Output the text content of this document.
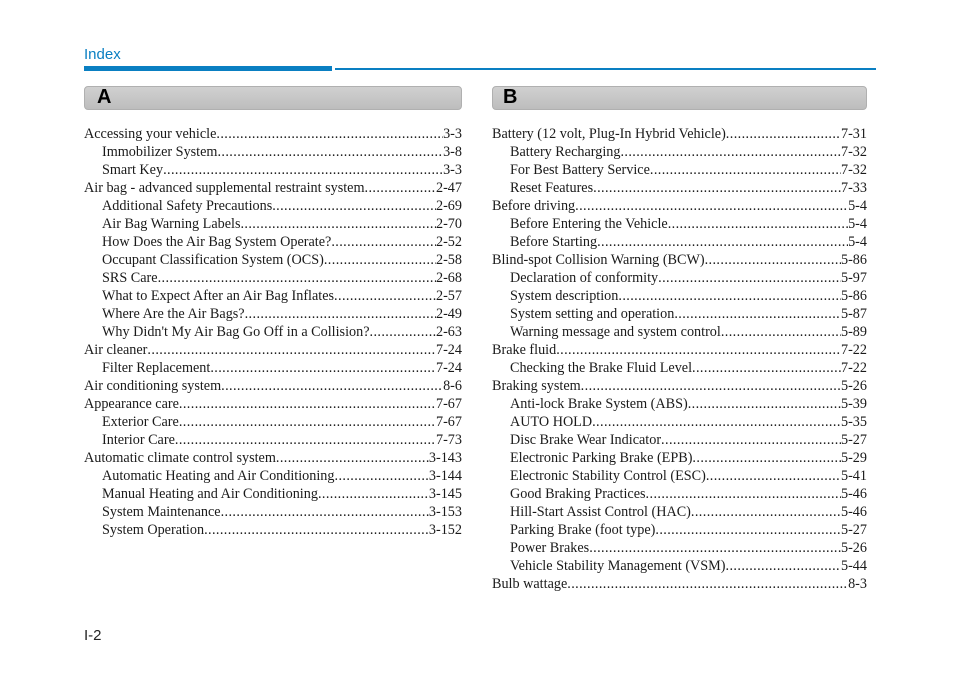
Index
A
Accessing your vehicle .....	3-3
Immobilizer System .....	3-8
Smart Key .....	3-3
Air bag - advanced supplemental restraint system .....	2-47
Additional Safety Precautions .....	2-69
Air Bag Warning Labels .....	2-70
How Does the Air Bag System Operate? .....	2-52
Occupant Classification System (OCS) .....	2-58
SRS Care .....	2-68
What to Expect After an Air Bag Inflates .....	2-57
Where Are the Air Bags? .....	2-49
Why Didn't My Air Bag Go Off in a Collision? .....	2-63
Air cleaner .....	7-24
Filter Replacement .....	7-24
Air conditioning system .....	8-6
Appearance care .....	7-67
Exterior Care .....	7-67
Interior Care .....	7-73
Automatic climate control system .....	3-143
Automatic Heating and Air Conditioning .....	3-144
Manual Heating and Air Conditioning .....	3-145
System Maintenance .....	3-153
System Operation .....	3-152
B
Battery (12 volt, Plug-In Hybrid Vehicle) .....	7-31
Battery Recharging .....	7-32
For Best Battery Service .....	7-32
Reset Features .....	7-33
Before driving .....	5-4
Before Entering the Vehicle .....	5-4
Before Starting .....	5-4
Blind-spot Collision Warning (BCW) .....	5-86
Declaration of conformity .....	5-97
System description .....	5-86
System setting and operation .....	5-87
Warning message and system control .....	5-89
Brake fluid .....	7-22
Checking the Brake Fluid Level .....	7-22
Braking system .....	5-26
Anti-lock Brake System (ABS) .....	5-39
AUTO HOLD .....	5-35
Disc Brake Wear Indicator .....	5-27
Electronic Parking Brake (EPB) .....	5-29
Electronic Stability Control (ESC) .....	5-41
Good Braking Practices .....	5-46
Hill-Start Assist Control (HAC) .....	5-46
Parking Brake (foot type) .....	5-27
Power Brakes .....	5-26
Vehicle Stability Management (VSM) .....	5-44
Bulb wattage .....	8-3
I-2
